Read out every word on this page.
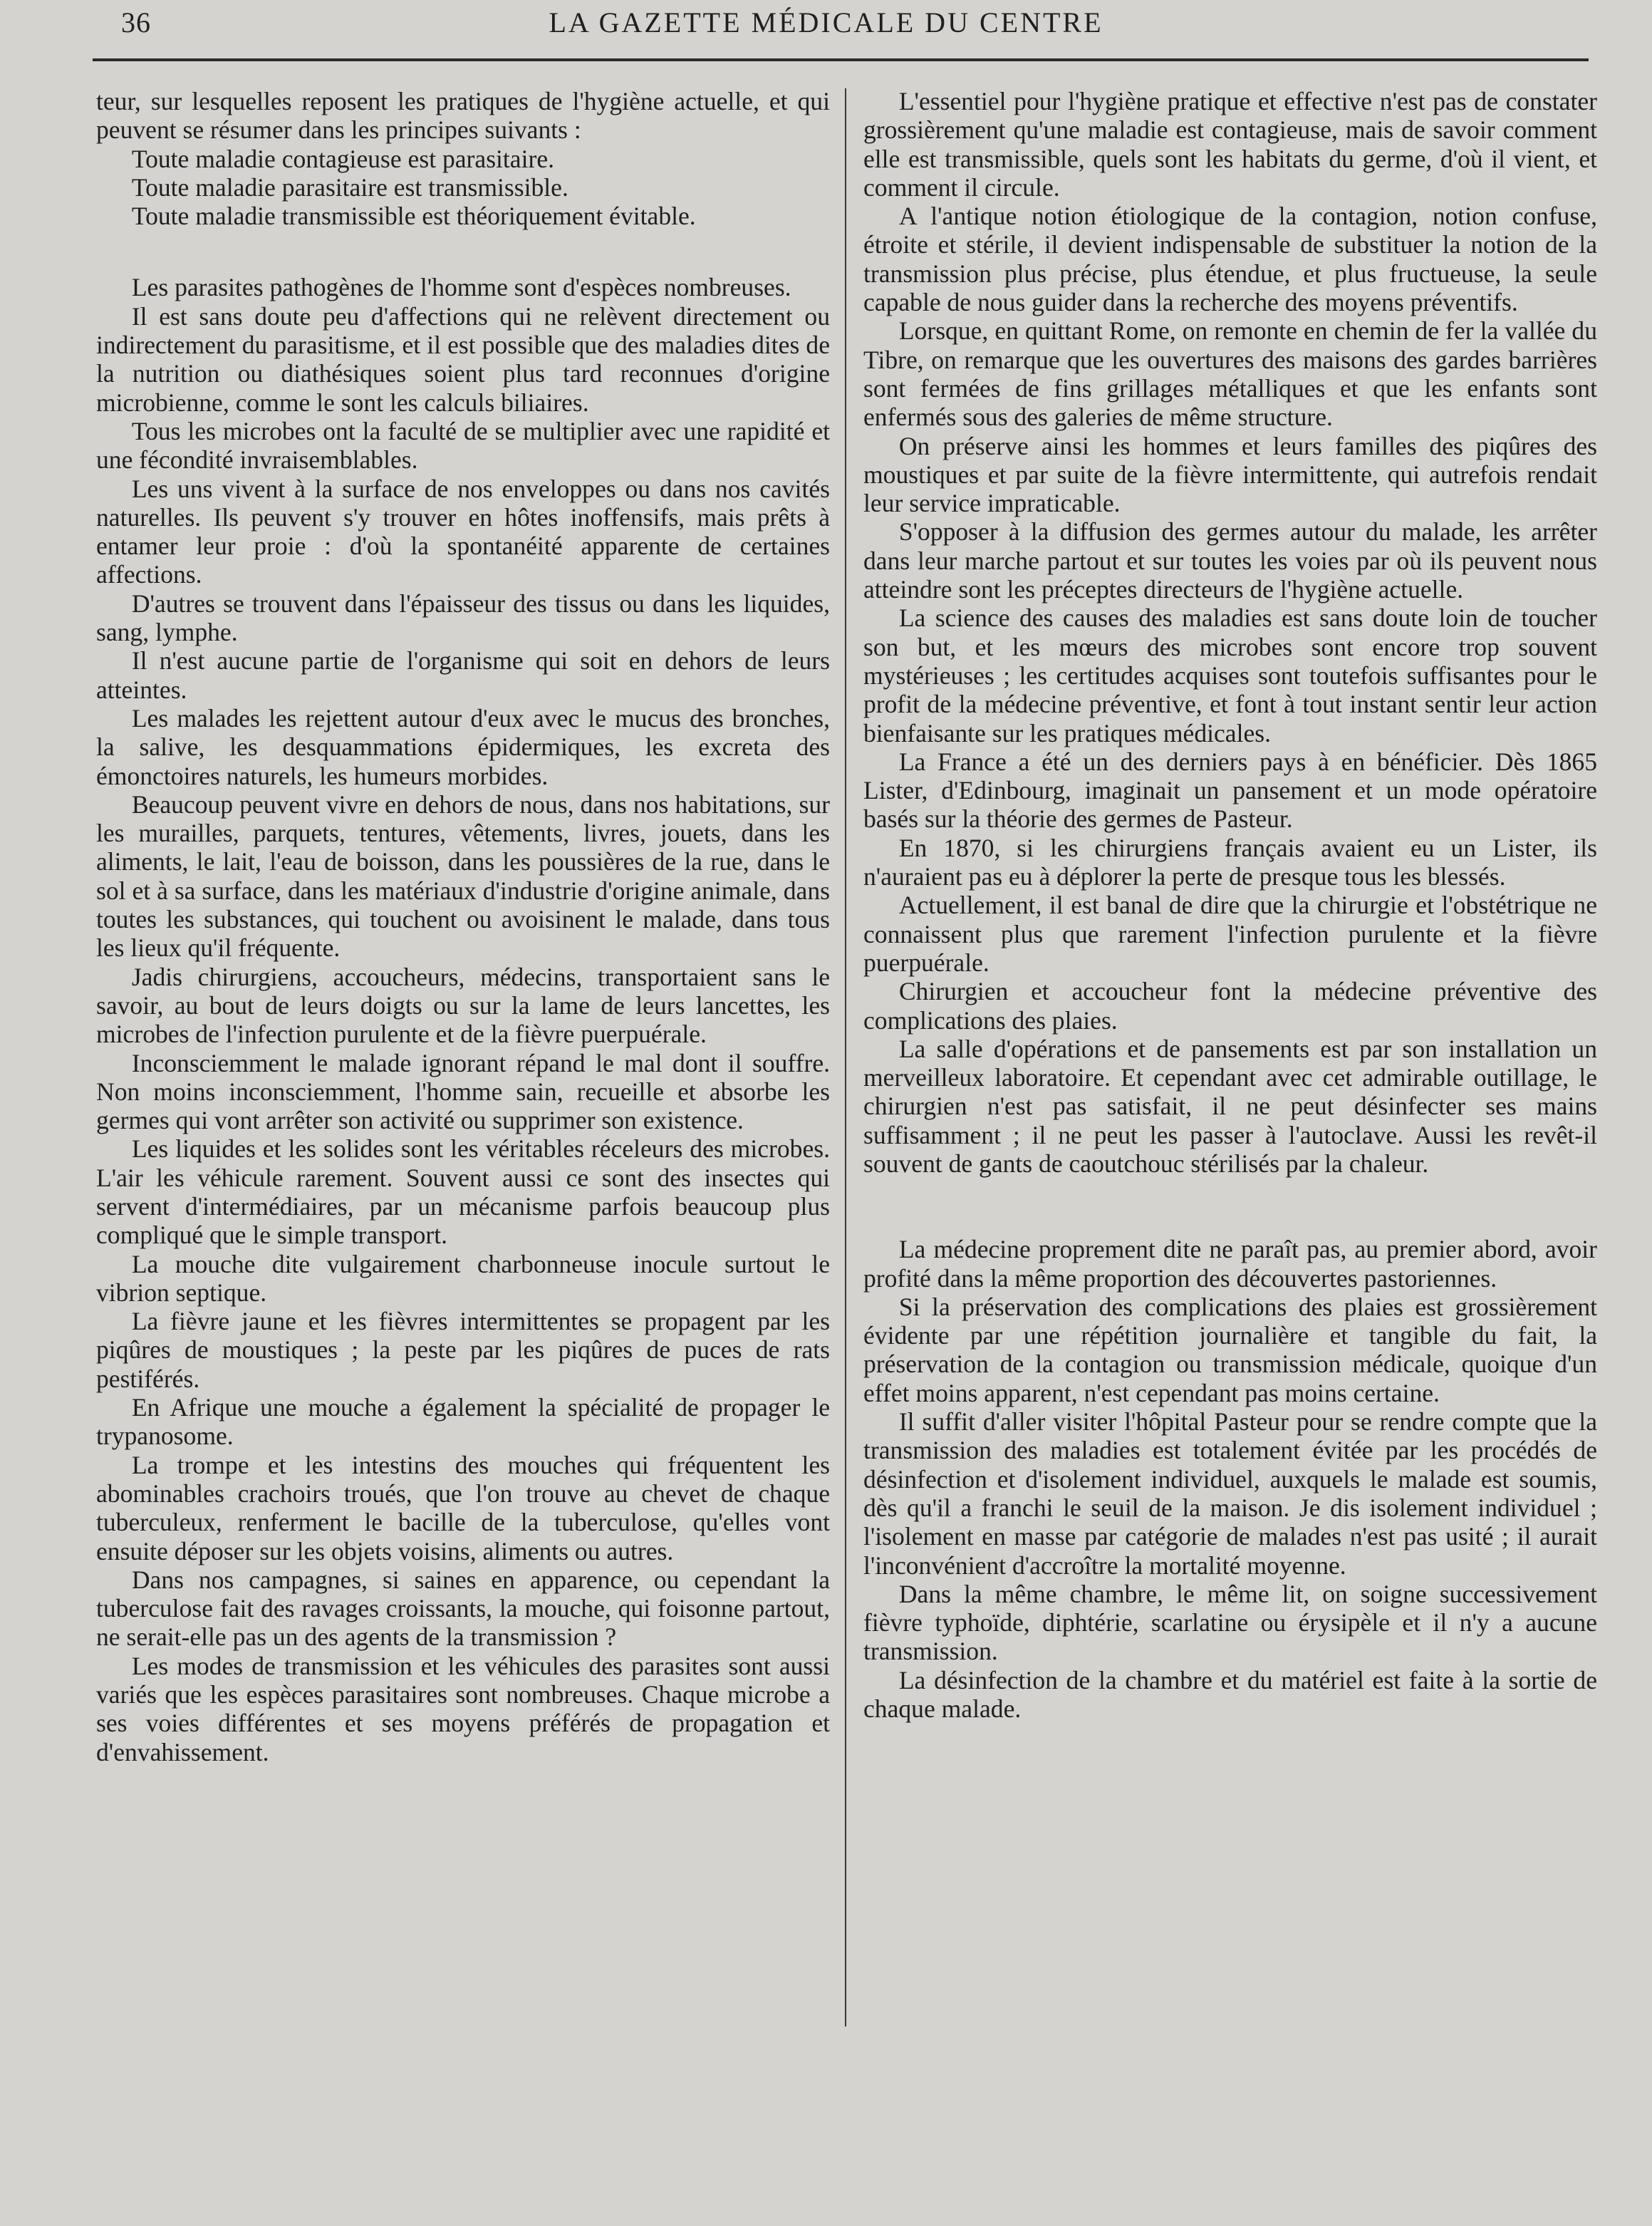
36	LA GAZETTE MÉDICALE DU CENTRE

teur, sur lesquelles reposent les pratiques de l'hygiène actuelle, et qui peuvent se résumer dans les principes suivants :

Toute maladie contagieuse est parasitaire.

Toute maladie parasitaire est transmissible.

Toute maladie transmissible est théoriquement évitable.

Les parasites pathogènes de l'homme sont d'espèces nombreuses.

Il est sans doute peu d'affections qui ne relèvent directement ou indirectement du parasitisme, et il est possible que des maladies dites de la nutrition ou diathésiques soient plus tard reconnues d'origine microbienne, comme le sont les calculs biliaires.

Tous les microbes ont la faculté de se multiplier avec une rapidité et une fécondité invraisemblables.

Les uns vivent à la surface de nos enveloppes ou dans nos cavités naturelles. Ils peuvent s'y trouver en hôtes inoffensifs, mais prêts à entamer leur proie : d'où la spontanéité apparente de certaines affections.

D'autres se trouvent dans l'épaisseur des tissus ou dans les liquides, sang, lymphe.

Il n'est aucune partie de l'organisme qui soit en dehors de leurs atteintes.

Les malades les rejettent autour d'eux avec le mucus des bronches, la salive, les desquammations épidermiques, les excreta des émonctoires naturels, les humeurs morbides.

Beaucoup peuvent vivre en dehors de nous, dans nos habitations, sur les murailles, parquets, tentures, vêtements, livres, jouets, dans les aliments, le lait, l'eau de boisson, dans les poussières de la rue, dans le sol et à sa surface, dans les matériaux d'industrie d'origine animale, dans toutes les substances, qui touchent ou avoisinent le malade, dans tous les lieux qu'il fréquente.

Jadis chirurgiens, accoucheurs, médecins, transportaient sans le savoir, au bout de leurs doigts ou sur la lame de leurs lancettes, les microbes de l'infection purulente et de la fièvre puerpuérale.

Inconsciemment le malade ignorant répand le mal dont il souffre. Non moins inconsciemment, l'homme sain, recueille et absorbe les germes qui vont arrêter son activité ou supprimer son existence.

Les liquides et les solides sont les véritables réceleurs des microbes. L'air les véhicule rarement. Souvent aussi ce sont des insectes qui servent d'intermédiaires, par un mécanisme parfois beaucoup plus compliqué que le simple transport.

La mouche dite vulgairement charbonneuse inocule surtout le vibrion septique.

La fièvre jaune et les fièvres intermittentes se propagent par les piqûres de moustiques ; la peste par les piqûres de puces de rats pestiférés.

En Afrique une mouche a également la spécialité de propager le trypanosome.

La trompe et les intestins des mouches qui fréquentent les abominables crachoirs troués, que l'on trouve au chevet de chaque tuberculeux, renferment le bacille de la tuberculose, qu'elles vont ensuite déposer sur les objets voisins, aliments ou autres.

Dans nos campagnes, si saines en apparence, ou cependant la tuberculose fait des ravages croissants, la mouche, qui foisonne partout, ne serait-elle pas un des agents de la transmission ?

Les modes de transmission et les véhicules des parasites sont aussi variés que les espèces parasitaires sont nombreuses. Chaque microbe a ses voies différentes et ses moyens préférés de propagation et d'envahissement.

L'essentiel pour l'hygiène pratique et effective n'est pas de constater grossièrement qu'une maladie est contagieuse, mais de savoir comment elle est transmissible, quels sont les habitats du germe, d'où il vient, et comment il circule.

A l'antique notion étiologique de la contagion, notion confuse, étroite et stérile, il devient indispensable de substituer la notion de la transmission plus précise, plus étendue, et plus fructueuse, la seule capable de nous guider dans la recherche des moyens préventifs.

Lorsque, en quittant Rome, on remonte en chemin de fer la vallée du Tibre, on remarque que les ouvertures des maisons des gardes barrières sont fermées de fins grillages métalliques et que les enfants sont enfermés sous des galeries de même structure.

On préserve ainsi les hommes et leurs familles des piqûres des moustiques et par suite de la fièvre intermittente, qui autrefois rendait leur service impraticable.

S'opposer à la diffusion des germes autour du malade, les arrêter dans leur marche partout et sur toutes les voies par où ils peuvent nous atteindre sont les préceptes directeurs de l'hygiène actuelle.

La science des causes des maladies est sans doute loin de toucher son but, et les mœurs des microbes sont encore trop souvent mystérieuses ; les certitudes acquises sont toutefois suffisantes pour le profit de la médecine préventive, et font à tout instant sentir leur action bienfaisante sur les pratiques médicales.

La France a été un des derniers pays à en bénéficier. Dès 1865 Lister, d'Edinbourg, imaginait un pansement et un mode opératoire basés sur la théorie des germes de Pasteur.

En 1870, si les chirurgiens français avaient eu un Lister, ils n'auraient pas eu à déplorer la perte de presque tous les blessés.

Actuellement, il est banal de dire que la chirurgie et l'obstétrique ne connaissent plus que rarement l'infection purulente et la fièvre puerpuérale.

Chirurgien et accoucheur font la médecine préventive des complications des plaies.

La salle d'opérations et de pansements est par son installation un merveilleux laboratoire. Et cependant avec cet admirable outillage, le chirurgien n'est pas satisfait, il ne peut désinfecter ses mains suffisamment ; il ne peut les passer à l'autoclave. Aussi les revêt-il souvent de gants de caoutchouc stérilisés par la chaleur.

La médecine proprement dite ne paraît pas, au premier abord, avoir profité dans la même proportion des découvertes pastoriennes.

Si la préservation des complications des plaies est grossièrement évidente par une répétition journalière et tangible du fait, la préservation de la contagion ou transmission médicale, quoique d'un effet moins apparent, n'est cependant pas moins certaine.

Il suffit d'aller visiter l'hôpital Pasteur pour se rendre compte que la transmission des maladies est totalement évitée par les procédés de désinfection et d'isolement individuel, auxquels le malade est soumis, dès qu'il a franchi le seuil de la maison. Je dis isolement individuel ; l'isolement en masse par catégorie de malades n'est pas usité ; il aurait l'inconvénient d'accroître la mortalité moyenne.

Dans la même chambre, le même lit, on soigne successivement fièvre typhoïde, diphtérie, scarlatine ou érysipèle et il n'y a aucune transmission.

La désinfection de la chambre et du matériel est faite à la sortie de chaque malade.
